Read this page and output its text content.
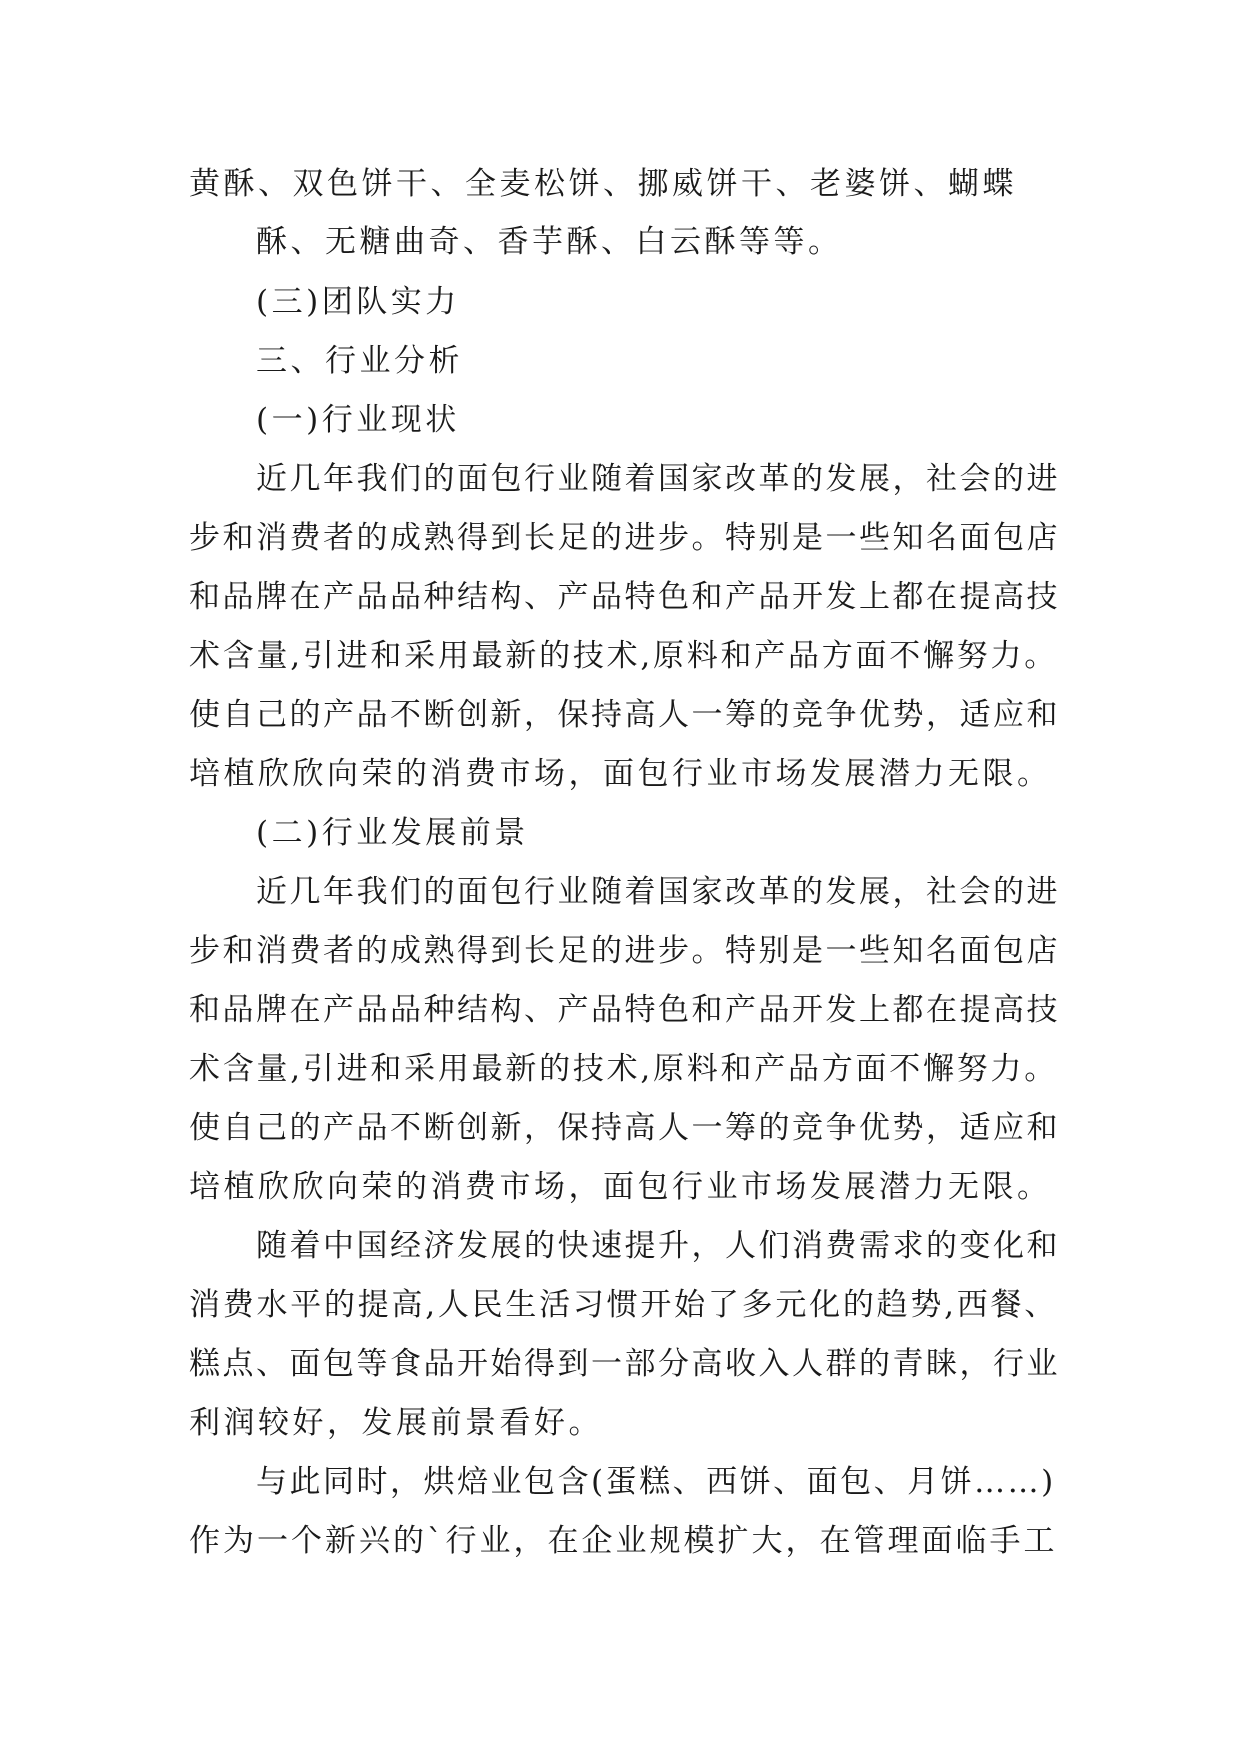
黄酥、双色饼干、全麦松饼、挪威饼干、老婆饼、蝴蝶
酥、无糖曲奇、香芋酥、白云酥等等。
(三)团队实力
三、行业分析
(一)行业现状
近几年我们的面包行业随着国家改革的发展，社会的进
步和消费者的成熟得到长足的进步。特别是一些知名面包店
和品牌在产品品种结构、产品特色和产品开发上都在提高技
术含量,引进和采用最新的技术,原料和产品方面不懈努力。
使自己的产品不断创新，保持高人一筹的竞争优势，适应和
培植欣欣向荣的消费市场，面包行业市场发展潜力无限。
(二)行业发展前景
近几年我们的面包行业随着国家改革的发展，社会的进
步和消费者的成熟得到长足的进步。特别是一些知名面包店
和品牌在产品品种结构、产品特色和产品开发上都在提高技
术含量,引进和采用最新的技术,原料和产品方面不懈努力。
使自己的产品不断创新，保持高人一筹的竞争优势，适应和
培植欣欣向荣的消费市场，面包行业市场发展潜力无限。
随着中国经济发展的快速提升，人们消费需求的变化和
消费水平的提高,人民生活习惯开始了多元化的趋势,西餐、
糕点、面包等食品开始得到一部分高收入人群的青睐，行业
利润较好，发展前景看好。
与此同时，烘焙业包含(蛋糕、西饼、面包、月饼……)
作为一个新兴的`行业，在企业规模扩大，在管理面临手工
